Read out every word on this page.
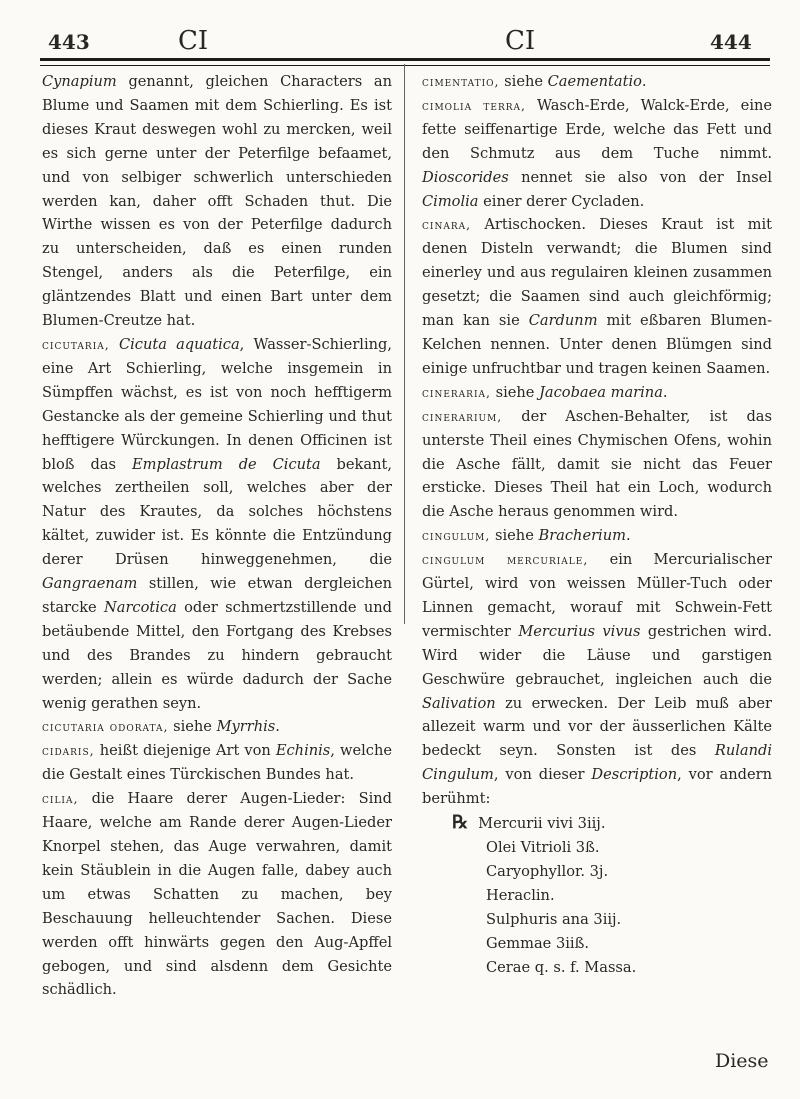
443	CI	CI	444

Cynapium genannt, gleichen Characters an Blume und Saamen mit dem Schierling. Es ist dieses Kraut deswegen wohl zu mercken, weil es sich gerne unter der Peterfilge befaamet, und von selbiger schwerlich unterschieden werden kan, daher offt Schaden thut. Die Wirthe wissen es von der Peterfilge dadurch zu unterscheiden, daß es einen runden Stengel, anders als die Peterfilge, ein gläntzendes Blatt und einen Bart unter dem Blumen-Creutze hat.

cicutaria, Cicuta aquatica, Wasser-Schierling, eine Art Schierling, welche insgemein in Sümpffen wächst, es ist von noch hefftigerm Gestancke als der gemeine Schierling und thut hefftigere Würckungen. In denen Officinen ist bloß das Emplastrum de Cicuta bekant, welches zertheilen soll, welches aber der Natur des Krautes, da solches höchstens kältet, zuwider ist. Es könnte die Entzündung derer Drüsen hinweggenehmen, die Gangraenam stillen, wie etwan dergleichen starcke Narcotica oder schmertzstillende und betäubende Mittel, den Fortgang des Krebses und des Brandes zu hindern gebraucht werden; allein es würde dadurch der Sache wenig gerathen seyn.

cicutaria odorata, siehe Myrrhis.

cidaris, heißt diejenige Art von Echinis, welche die Gestalt eines Türckischen Bundes hat.

cilia, die Haare derer Augen-Lieder: Sind Haare, welche am Rande derer Augen-Lieder Knorpel stehen, das Auge verwahren, damit kein Stäublein in die Augen falle, dabey auch um etwas Schatten zu machen, bey Beschauung helleuchtender Sachen. Diese werden offt hinwärts gegen den Aug-Apffel gebogen, und sind alsdenn dem Gesichte schädlich.

cimentatio, siehe Caementatio.

cimolia terra, Wasch-Erde, Walck-Erde, eine fette seiffenartige Erde, welche das Fett und den Schmutz aus dem Tuche nimmt. Dioscorides nennet sie also von der Insel Cimolia einer derer Cycladen.

cinara, Artischocken. Dieses Kraut ist mit denen Disteln verwandt; die Blumen sind einerley und aus regulairen kleinen zusammen gesetzt; die Saamen sind auch gleichförmig; man kan sie Cardunm mit eßbaren Blumen-Kelchen nennen. Unter denen Blümgen sind einige unfruchtbar und tragen keinen Saamen.

cineraria, siehe Jacobaea marina.

cinerarium, der Aschen-Behalter, ist das unterste Theil eines Chymischen Ofens, wohin die Asche fällt, damit sie nicht das Feuer ersticke. Dieses Theil hat ein Loch, wodurch die Asche heraus genommen wird.

cingulum, siehe Bracherium.

cingulum mercuriale, ein Mercurialischer Gürtel, wird von weissen Müller-Tuch oder Linnen gemacht, worauf mit Schwein-Fett vermischter Mercurius vivus gestrichen wird. Wird wider die Läuse und garstigen Geschwüre gebrauchet, ingleichen auch die Salivation zu erwecken. Der Leib muß aber allezeit warm und vor der äusserlichen Kälte bedeckt seyn. Sonsten ist des Rulandi Cingulum, von dieser Description, vor andern berühmt:

℞ Mercurii vivi 3iij.
Olei Vitrioli 3ß.
Caryophyllor. 3j.
Heraclin.
Sulphuris ana 3iij.
Gemmae 3iiß.
Cerae q. s. f. Massa.
Diese
